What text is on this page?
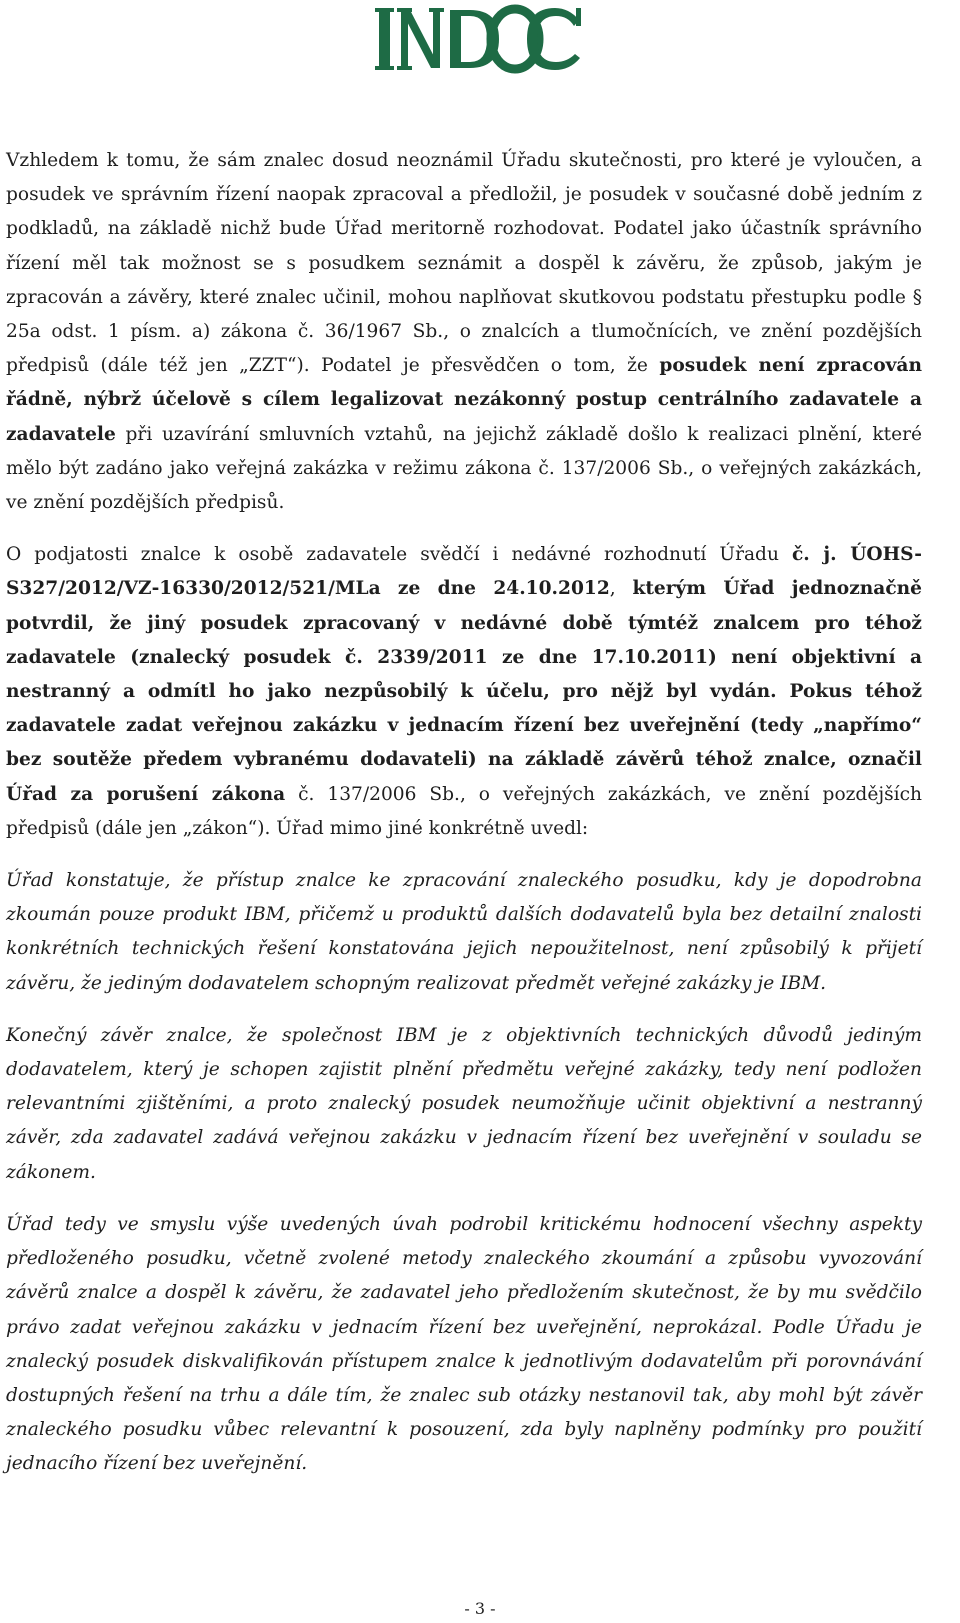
INDOC

Vzhledem k tomu, že sám znalec dosud neoznámil Úřadu skutečnosti, pro které je vyloučen, a posudek ve správním řízení naopak zpracoval a předložil, je posudek v současné době jedním z podkladů, na základě nichž bude Úřad meritorně rozhodovat. Podatel jako účastník správního řízení měl tak možnost se s posudkem seznámit a dospěl k závěru, že způsob, jakým je zpracován a závěry, které znalec učinil, mohou naplňovat skutkovou podstatu přestupku podle § 25a odst. 1 písm. a) zákona č. 36/1967 Sb., o znalcích a tlumočnících, ve znění pozdějších předpisů (dále též jen „ZZT“). Podatel je přesvědčen o tom, že posudek není zpracován řádně, nýbrž účelově s cílem legalizovat nezákonný postup centrálního zadavatele a zadavatele při uzavírání smluvních vztahů, na jejichž základě došlo k realizaci plnění, které mělo být zadáno jako veřejná zakázka v režimu zákona č. 137/2006 Sb., o veřejných zakázkách, ve znění pozdějších předpisů.

O podjatosti znalce k osobě zadavatele svědčí i nedávné rozhodnutí Úřadu č. j. ÚOHS-S327/2012/VZ-16330/2012/521/MLa ze dne 24.10.2012, kterým Úřad jednoznačně potvrdil, že jiný posudek zpracovaný v nedávné době týmtéž znalcem pro téhož zadavatele (znalecký posudek č. 2339/2011 ze dne 17.10.2011) není objektivní a nestranný a odmítl ho jako nezpůsobilý k účelu, pro nějž byl vydán. Pokus téhož zadavatele zadat veřejnou zakázku v jednacím řízení bez uveřejnění (tedy „napřímo“ bez soutěže předem vybranému dodavateli) na základě závěrů téhož znalce, označil Úřad za porušení zákona č. 137/2006 Sb., o veřejných zakázkách, ve znění pozdějších předpisů (dále jen „zákon“). Úřad mimo jiné konkrétně uvedl:

Úřad konstatuje, že přístup znalce ke zpracování znaleckého posudku, kdy je dopodrobna zkoumán pouze produkt IBM, přičemž u produktů dalších dodavatelů byla bez detailní znalosti konkrétních technických řešení konstatována jejich nepoužitelnost, není způsobilý k přijetí závěru, že jediným dodavatelem schopným realizovat předmět veřejné zakázky je IBM.

Konečný závěr znalce, že společnost IBM je z objektivních technických důvodů jediným dodavatelem, který je schopen zajistit plnění předmětu veřejné zakázky, tedy není podložen relevantními zjištěními, a proto znalecký posudek neumožňuje učinit objektivní a nestranný závěr, zda zadavatel zadává veřejnou zakázku v jednacím řízení bez uveřejnění v souladu se zákonem.

Úřad tedy ve smyslu výše uvedených úvah podrobil kritickému hodnocení všechny aspekty předloženého posudku, včetně zvolené metody znaleckého zkoumání a způsobu vyvozování závěrů znalce a dospěl k závěru, že zadavatel jeho předložením skutečnost, že by mu svědčilo právo zadat veřejnou zakázku v jednacím řízení bez uveřejnění, neprokázal. Podle Úřadu je znalecký posudek diskvalifikován přístupem znalce k jednotlivým dodavatelům při porovnávání dostupných řešení na trhu a dále tím, že znalec sub otázky nestanovil tak, aby mohl být závěr znaleckého posudku vůbec relevantní k posouzení, zda byly naplněny podmínky pro použití jednacího řízení bez uveřejnění.

- 3 -
